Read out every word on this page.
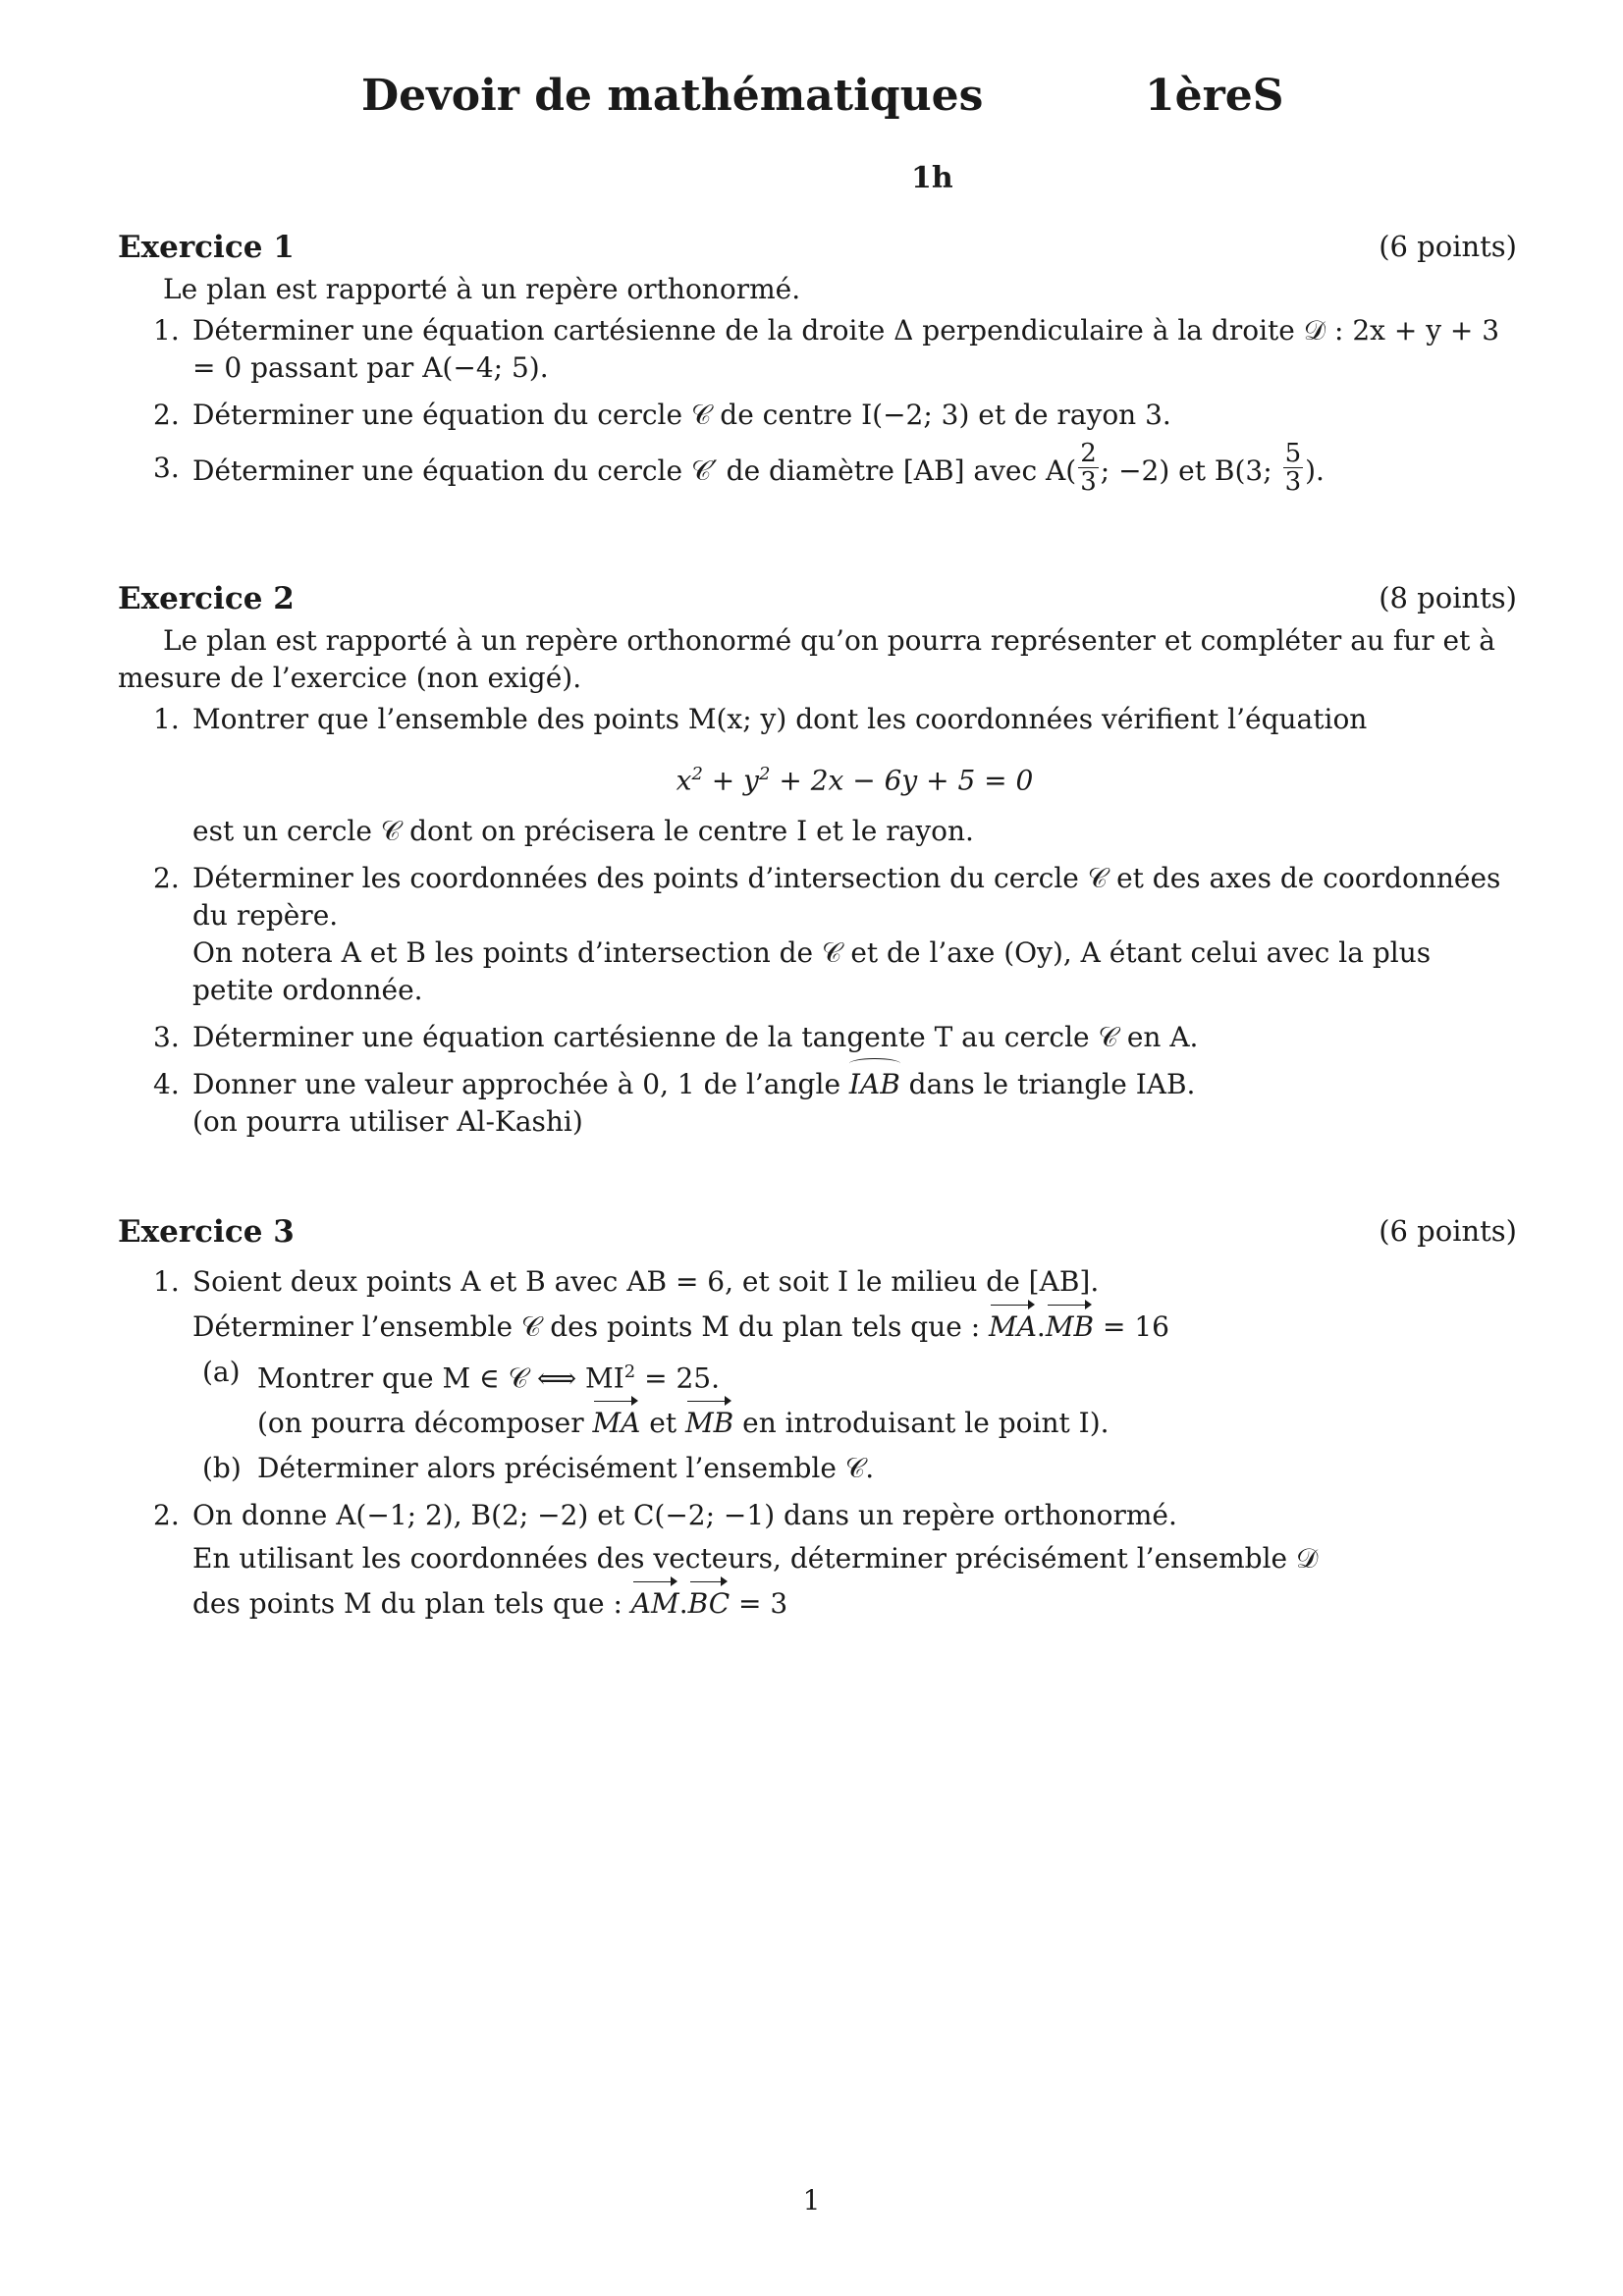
Devoir de mathématiques	1èreS
1h
Exercice 1	(6 points)
Le plan est rapporté à un repère orthonormé.
1. Déterminer une équation cartésienne de la droite Δ perpendiculaire à la droite 𝒟 : 2x + y + 3 = 0 passant par A(−4; 5).
2. Déterminer une équation du cercle 𝒞 de centre I(−2; 3) et de rayon 3.
3. Déterminer une équation du cercle 𝒞′ de diamètre [AB] avec $A( \frac{2}{3}$ ; −2) et B(3; $\frac{5}{3}$ ).
Exercice 2	(8 points)
Le plan est rapporté à un repère orthonormé qu’on pourra représenter et compléter au fur et à mesure de l’exercice (non exigé).
1. Montrer que l’ensemble des points M(x; y) dont les coordonnées vérifient l’équation
$x^2 + y^2 + 2x - 6y + 5 = 0$
est un cercle 𝒞 dont on précisera le centre I et le rayon.
2. Déterminer les coordonnées des points d’intersection du cercle 𝒞 et des axes de coordonnées du repère.
On notera A et B les points d’intersection de 𝒞 et de l’axe (Oy), A étant celui avec la plus petite ordonnée.
3. Déterminer une équation cartésienne de la tangente T au cercle 𝒞 en A.
4. Donner une valeur approchée à 0, 1 de l’angle IAB dans le triangle IAB.
(on pourra utiliser Al-Kashi)
Exercice 3	(6 points)
1. Soient deux points A et B avec AB = 6, et soit I le milieu de [AB].
Déterminer l’ensemble 𝒞 des points M du plan tels que : MA.MB = 16
(a) Montrer que M ∈ 𝒞 ⟺ $MI^2 = 25$.
(on pourra décomposer MA et MB en introduisant le point I).
(b) Déterminer alors précisément l’ensemble 𝒞.
2. On donne A(−1; 2), B(2; −2) et C(−2; −1) dans un repère orthonormé.
En utilisant les coordonnées des vecteurs, déterminer précisément l’ensemble 𝒟
des points M du plan tels que : AM.BC = 3
1
